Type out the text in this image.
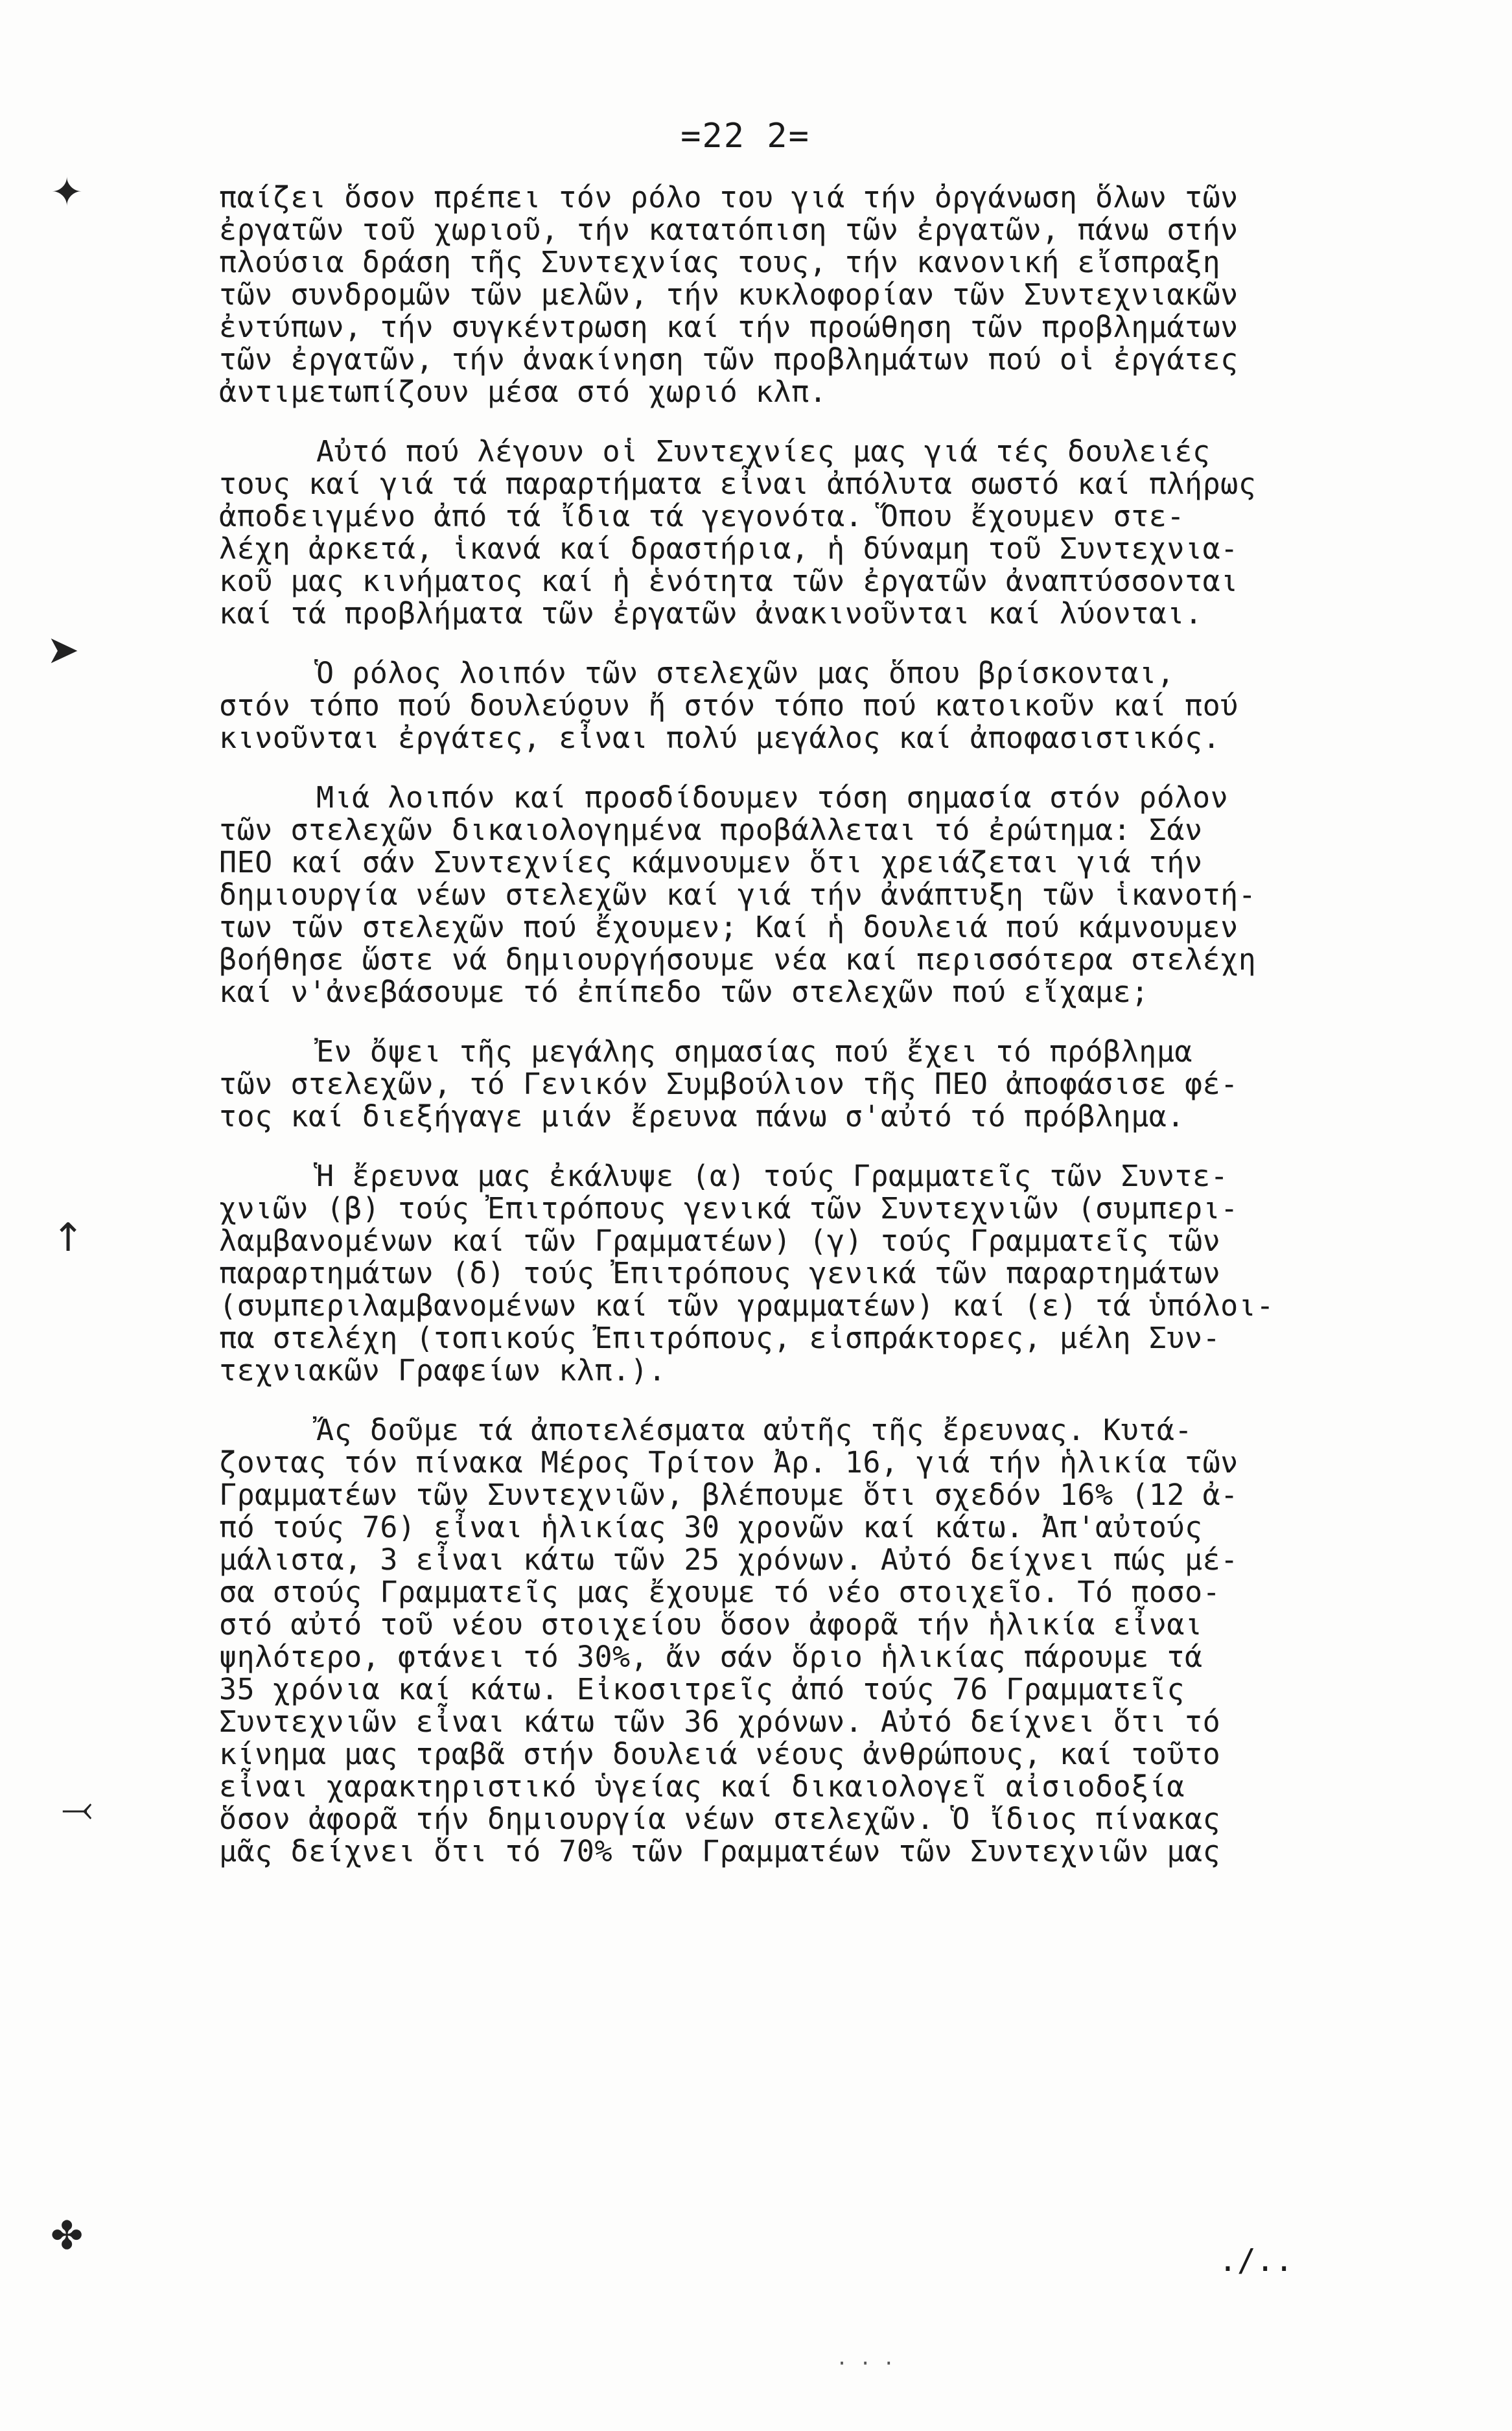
=22 2=
✦
➤
↑
⤙
✤
παίζει ὅσον πρέπει τόν ρόλο του γιά τήν ὀργάνωση ὅλων τῶν
ἐργατῶν τοῦ χωριοῦ, τήν κατατόπιση τῶν ἐργατῶν, πάνω στήν
πλούσια δράση τῆς Συντεχνίας τους, τήν κανονική εἴσπραξη
τῶν συνδρομῶν τῶν μελῶν, τήν κυκλοφορίαν τῶν Συντεχνιακῶν
ἐντύπων, τήν συγκέντρωση καί τήν προώθηση τῶν προβλημάτων
τῶν ἐργατῶν, τήν ἀνακίνηση τῶν προβλημάτων πού οἱ ἐργάτες
ἀντιμετωπίζουν μέσα στό χωριό κλπ.
Αὐτό πού λέγουν οἱ Συντεχνίες μας γιά τές δουλειές
τους καί γιά τά παραρτήματα εἶναι ἀπόλυτα σωστό καί πλήρως
ἀποδειγμένο ἀπό τά ἴδια τά γεγονότα. Ὅπου ἔχουμεν στε-
λέχη ἀρκετά, ἱκανά καί δραστήρια, ἡ δύναμη τοῦ Συντεχνια-
κοῦ μας κινήματος καί ἡ ἑνότητα τῶν ἐργατῶν ἀναπτύσσονται
καί τά προβλήματα τῶν ἐργατῶν ἀνακινοῦνται καί λύονται.
Ὁ ρόλος λοιπόν τῶν στελεχῶν μας ὅπου βρίσκονται,
στόν τόπο πού δουλεύουν ἤ στόν τόπο πού κατοικοῦν καί πού
κινοῦνται ἐργάτες, εἶναι πολύ μεγάλος καί ἀποφασιστικός.
Μιά λοιπόν καί προσδίδουμεν τόση σημασία στόν ρόλον
τῶν στελεχῶν δικαιολογημένα προβάλλεται τό ἐρώτημα: Σάν
ΠΕΟ καί σάν Συντεχνίες κάμνουμεν ὅτι χρειάζεται γιά τήν
δημιουργία νέων στελεχῶν καί γιά τήν ἀνάπτυξη τῶν ἱκανοτή-
των τῶν στελεχῶν πού ἔχουμεν; Καί ἡ δουλειά πού κάμνουμεν
βοήθησε ὥστε νά δημιουργήσουμε νέα καί περισσότερα στελέχη
καί ν'ἀνεβάσουμε τό ἐπίπεδο τῶν στελεχῶν πού εἴχαμε;
Ἐν ὄψει τῆς μεγάλης σημασίας πού ἔχει τό πρόβλημα
τῶν στελεχῶν, τό Γενικόν Συμβούλιον τῆς ΠΕΟ ἀποφάσισε φέ-
τος καί διεξήγαγε μιάν ἔρευνα πάνω σ'αὐτό τό πρόβλημα.
Ἡ ἔρευνα μας ἐκάλυψε (α) τούς Γραμματεῖς τῶν Συντε-
χνιῶν (β) τούς Ἐπιτρόπους γενικά τῶν Συντεχνιῶν (συμπερι-
λαμβανομένων καί τῶν Γραμματέων) (γ) τούς Γραμματεῖς τῶν
παραρτημάτων (δ) τούς Ἐπιτρόπους γενικά τῶν παραρτημάτων
(συμπεριλαμβανομένων καί τῶν γραμματέων) καί (ε) τά ὑπόλοι-
πα στελέχη (τοπικούς Ἐπιτρόπους, εἰσπράκτορες, μέλη Συν-
τεχνιακῶν Γραφείων κλπ.).
Ἄς δοῦμε τά ἀποτελέσματα αὐτῆς τῆς ἔρευνας. Κυτά-
ζοντας τόν πίνακα Μέρος Τρίτον Ἀρ. 16, γιά τήν ἡλικία τῶν
Γραμματέων τῶν Συντεχνιῶν, βλέπουμε ὅτι σχεδόν 16% (12 ἀ-
πό τούς 76) εἶναι ἡλικίας 30 χρονῶν καί κάτω. Ἀπ'αὐτούς
μάλιστα, 3 εἶναι κάτω τῶν 25 χρόνων. Αὐτό δείχνει πώς μέ-
σα στούς Γραμματεῖς μας ἔχουμε τό νέο στοιχεῖο. Τό ποσο-
στό αὐτό τοῦ νέου στοιχείου ὅσον ἀφορᾶ τήν ἡλικία εἶναι
ψηλότερο, φτάνει τό 30%, ἄν σάν ὅριο ἡλικίας πάρουμε τά
35 χρόνια καί κάτω. Εἰκοσιτρεῖς ἀπό τούς 76 Γραμματεῖς
Συντεχνιῶν εἶναι κάτω τῶν 36 χρόνων. Αὐτό δείχνει ὅτι τό
κίνημα μας τραβᾶ στήν δουλειά νέους ἀνθρώπους, καί τοῦτο
εἶναι χαρακτηριστικό ὑγείας καί δικαιολογεῖ αἰσιοδοξία
ὅσον ἀφορᾶ τήν δημιουργία νέων στελεχῶν. Ὁ ἴδιος πίνακας
μᾶς δείχνει ὅτι τό 70% τῶν Γραμματέων τῶν Συντεχνιῶν μας
./..
· · ·
